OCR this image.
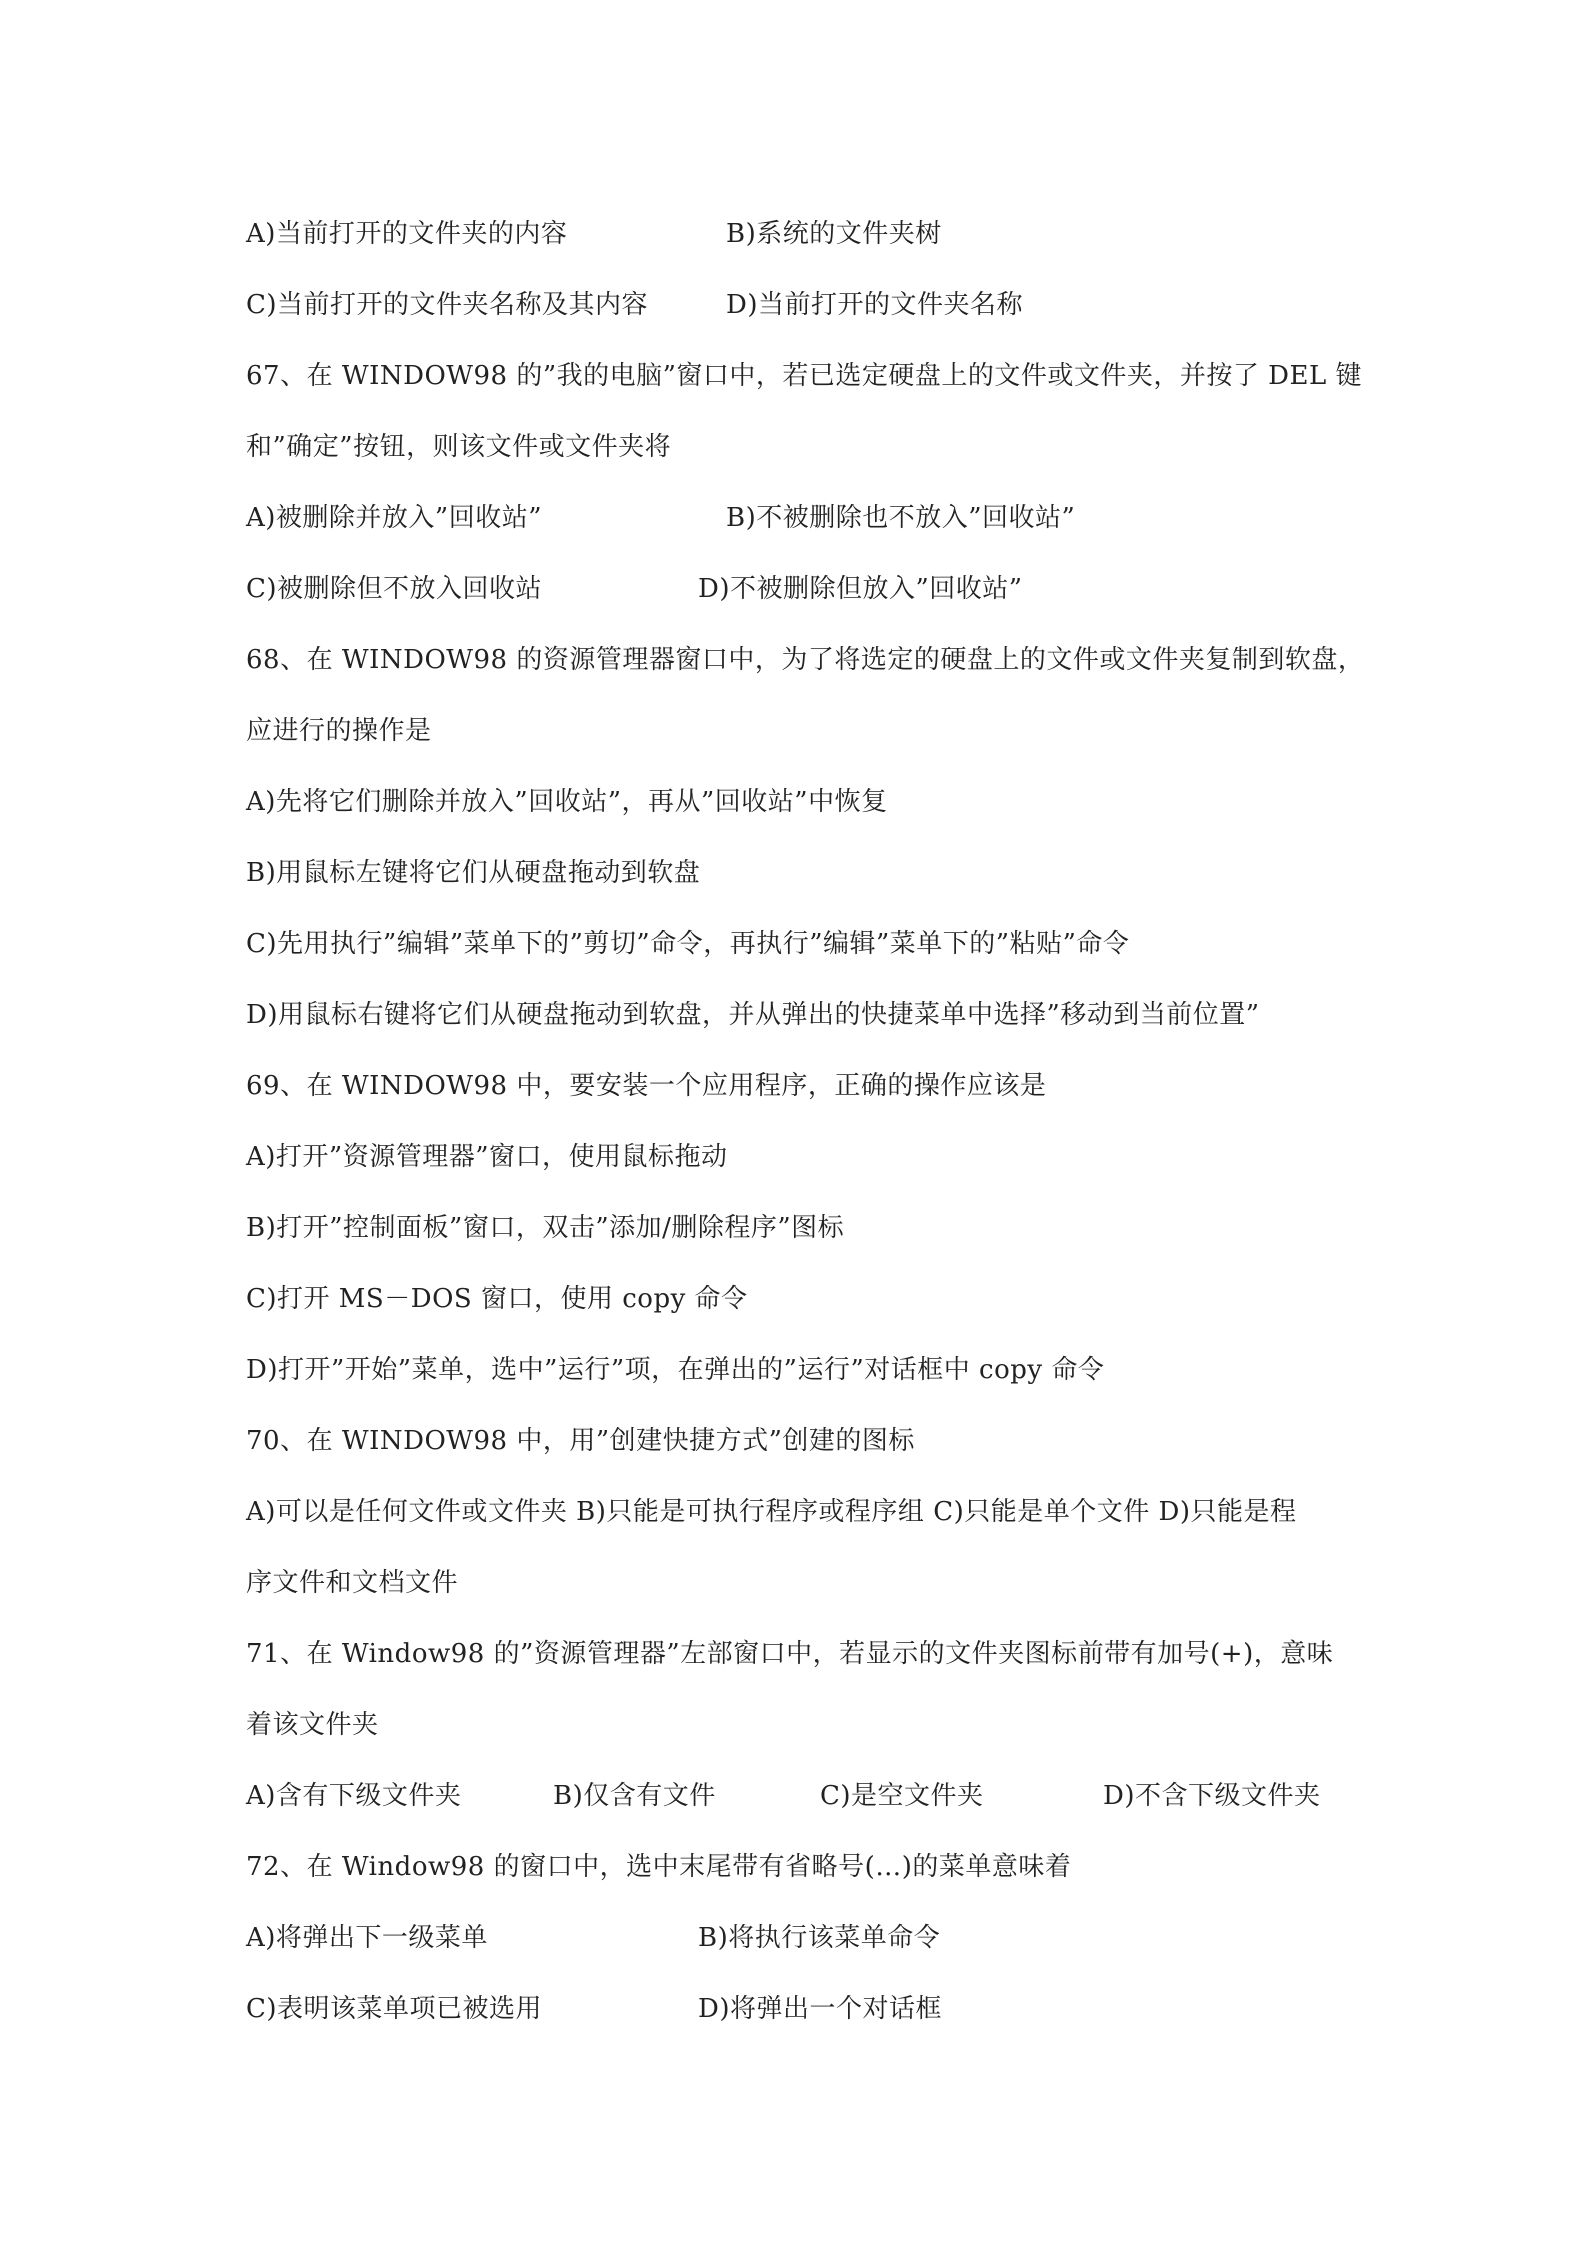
A)当前打开的文件夹的内容	B)系统的文件夹树
C)当前打开的文件夹名称及其内容	D)当前打开的文件夹名称
67、在 WINDOW98 的”我的电脑”窗口中，若已选定硬盘上的文件或文件夹，并按了 DEL 键
和”确定”按钮，则该文件或文件夹将
A)被删除并放入”回收站”	B)不被删除也不放入”回收站”
C)被删除但不放入回收站	D)不被删除但放入”回收站”
68、在 WINDOW98 的资源管理器窗口中，为了将选定的硬盘上的文件或文件夹复制到软盘，
应进行的操作是
A)先将它们删除并放入”回收站”，再从”回收站”中恢复
B)用鼠标左键将它们从硬盘拖动到软盘
C)先用执行”编辑”菜单下的”剪切”命令，再执行”编辑”菜单下的”粘贴”命令
D)用鼠标右键将它们从硬盘拖动到软盘，并从弹出的快捷菜单中选择”移动到当前位置”
69、在 WINDOW98 中，要安装一个应用程序，正确的操作应该是
A)打开”资源管理器”窗口，使用鼠标拖动
B)打开”控制面板”窗口，双击”添加/删除程序”图标
C)打开 MS－DOS 窗口，使用 copy 命令
D)打开”开始”菜单，选中”运行”项，在弹出的”运行”对话框中 copy 命令
70、在 WINDOW98 中，用”创建快捷方式”创建的图标
A)可以是任何文件或文件夹 B)只能是可执行程序或程序组 C)只能是单个文件 D)只能是程
序文件和文档文件
71、在 Window98 的”资源管理器”左部窗口中，若显示的文件夹图标前带有加号(+)，意味
着该文件夹
A)含有下级文件夹	B)仅含有文件	C)是空文件夹	D)不含下级文件夹
72、在 Window98 的窗口中，选中末尾带有省略号(…)的菜单意味着
A)将弹出下一级菜单	B)将执行该菜单命令
C)表明该菜单项已被选用	D)将弹出一个对话框
